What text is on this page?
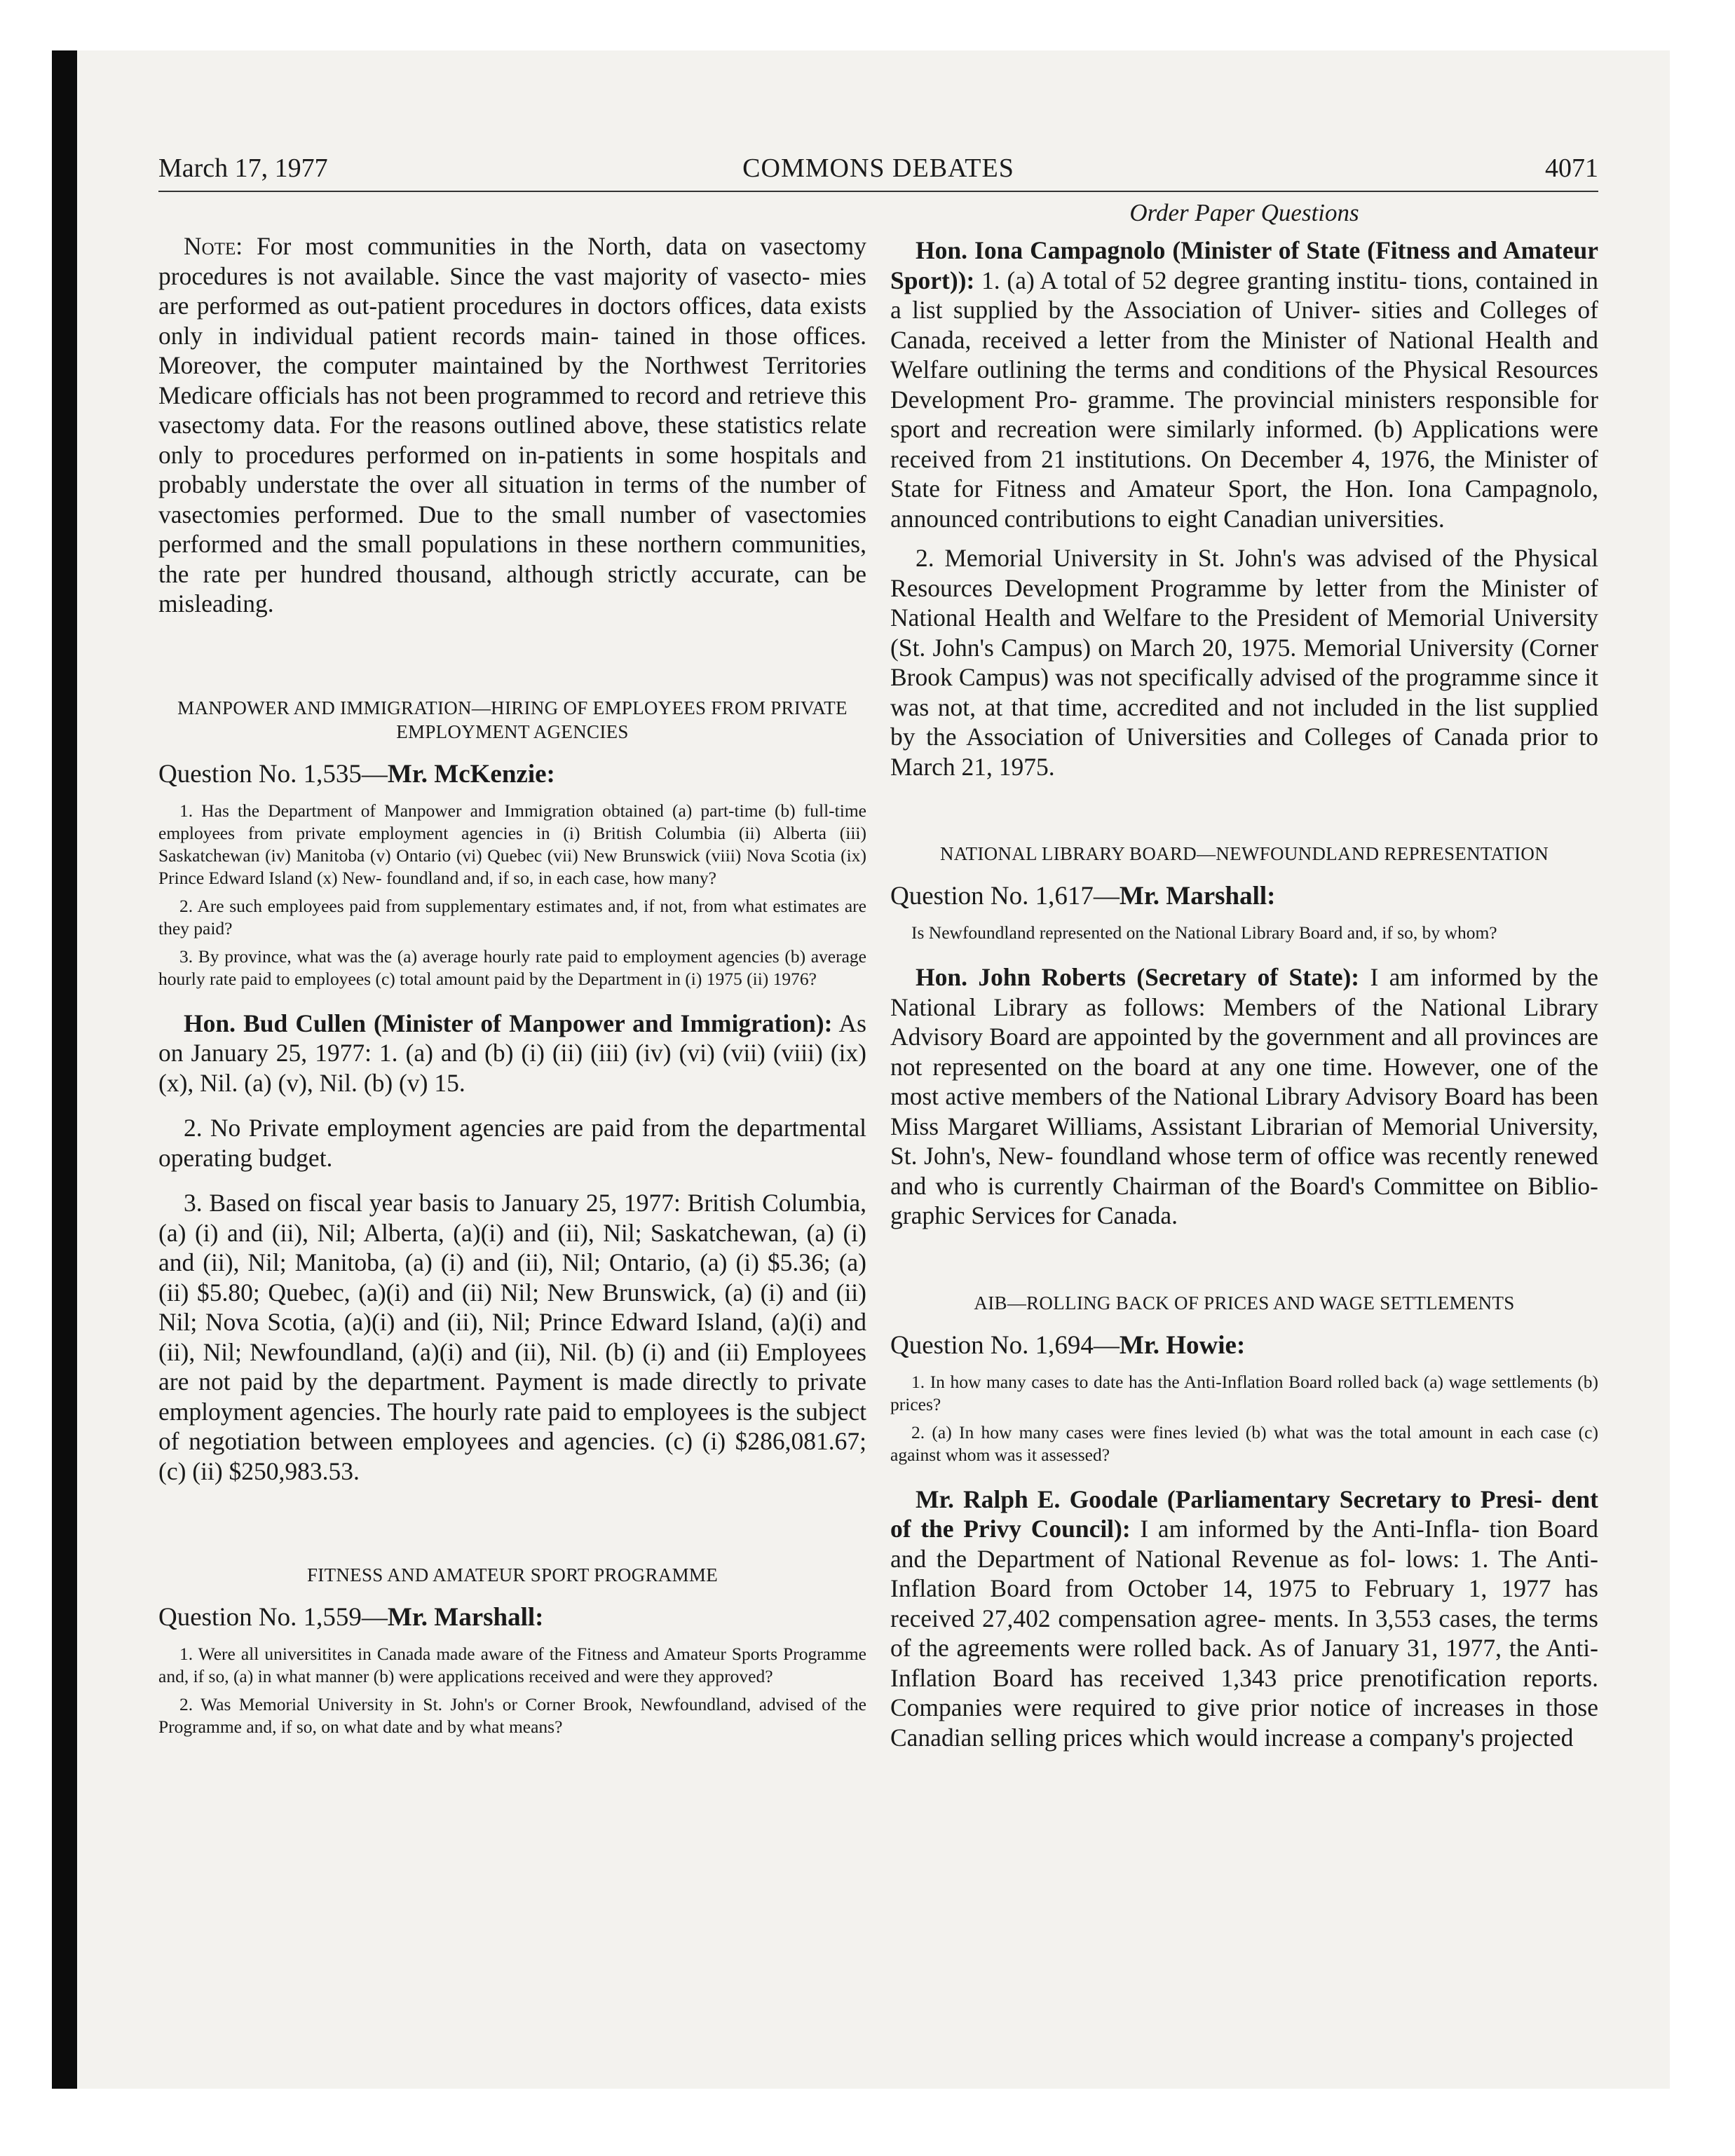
March 17, 1977	COMMONS DEBATES	4071

Note: For most communities in the North, data on vasectomy procedures is not available. Since the vast majority of vasecto- mies are performed as out-patient procedures in doctors offices, data exists only in individual patient records main- tained in those offices. Moreover, the computer maintained by the Northwest Territories Medicare officials has not been programmed to record and retrieve this vasectomy data. For the reasons outlined above, these statistics relate only to procedures performed on in-patients in some hospitals and probably understate the over all situation in terms of the number of vasectomies performed. Due to the small number of vasectomies performed and the small populations in these northern communities, the rate per hundred thousand, although strictly accurate, can be misleading.

MANPOWER AND IMMIGRATION—HIRING OF EMPLOYEES FROM PRIVATE EMPLOYMENT AGENCIES

Question No. 1,535—Mr. McKenzie:

1. Has the Department of Manpower and Immigration obtained (a) part-time (b) full-time employees from private employment agencies in (i) British Columbia (ii) Alberta (iii) Saskatchewan (iv) Manitoba (v) Ontario (vi) Quebec (vii) New Brunswick (viii) Nova Scotia (ix) Prince Edward Island (x) New- foundland and, if so, in each case, how many?

2. Are such employees paid from supplementary estimates and, if not, from what estimates are they paid?

3. By province, what was the (a) average hourly rate paid to employment agencies (b) average hourly rate paid to employees (c) total amount paid by the Department in (i) 1975 (ii) 1976?

Hon. Bud Cullen (Minister of Manpower and Immigration): As on January 25, 1977: 1. (a) and (b) (i) (ii) (iii) (iv) (vi) (vii) (viii) (ix) (x), Nil. (a) (v), Nil. (b) (v) 15.

2. No Private employment agencies are paid from the departmental operating budget.

3. Based on fiscal year basis to January 25, 1977: British Columbia, (a) (i) and (ii), Nil; Alberta, (a)(i) and (ii), Nil; Saskatchewan, (a) (i) and (ii), Nil; Manitoba, (a) (i) and (ii), Nil; Ontario, (a) (i) $5.36; (a) (ii) $5.80; Quebec, (a)(i) and (ii) Nil; New Brunswick, (a) (i) and (ii) Nil; Nova Scotia, (a)(i) and (ii), Nil; Prince Edward Island, (a)(i) and (ii), Nil; Newfoundland, (a)(i) and (ii), Nil. (b) (i) and (ii) Employees are not paid by the department. Payment is made directly to private employment agencies. The hourly rate paid to employees is the subject of negotiation between employees and agencies. (c) (i) $286,081.67; (c) (ii) $250,983.53.

FITNESS AND AMATEUR SPORT PROGRAMME

Question No. 1,559—Mr. Marshall:

1. Were all universitites in Canada made aware of the Fitness and Amateur Sports Programme and, if so, (a) in what manner (b) were applications received and were they approved?

2. Was Memorial University in St. John's or Corner Brook, Newfoundland, advised of the Programme and, if so, on what date and by what means?

Order Paper Questions

Hon. Iona Campagnolo (Minister of State (Fitness and Amateur Sport)): 1. (a) A total of 52 degree granting institu- tions, contained in a list supplied by the Association of Univer- sities and Colleges of Canada, received a letter from the Minister of National Health and Welfare outlining the terms and conditions of the Physical Resources Development Pro- gramme. The provincial ministers responsible for sport and recreation were similarly informed. (b) Applications were received from 21 institutions. On December 4, 1976, the Minister of State for Fitness and Amateur Sport, the Hon. Iona Campagnolo, announced contributions to eight Canadian universities.

2. Memorial University in St. John's was advised of the Physical Resources Development Programme by letter from the Minister of National Health and Welfare to the President of Memorial University (St. John's Campus) on March 20, 1975. Memorial University (Corner Brook Campus) was not specifically advised of the programme since it was not, at that time, accredited and not included in the list supplied by the Association of Universities and Colleges of Canada prior to March 21, 1975.

NATIONAL LIBRARY BOARD—NEWFOUNDLAND REPRESENTATION

Question No. 1,617—Mr. Marshall:

Is Newfoundland represented on the National Library Board and, if so, by whom?

Hon. John Roberts (Secretary of State): I am informed by the National Library as follows: Members of the National Library Advisory Board are appointed by the government and all provinces are not represented on the board at any one time. However, one of the most active members of the National Library Advisory Board has been Miss Margaret Williams, Assistant Librarian of Memorial University, St. John's, New- foundland whose term of office was recently renewed and who is currently Chairman of the Board's Committee on Biblio- graphic Services for Canada.

AIB—ROLLING BACK OF PRICES AND WAGE SETTLEMENTS

Question No. 1,694—Mr. Howie:

1. In how many cases to date has the Anti-Inflation Board rolled back (a) wage settlements (b) prices?

2. (a) In how many cases were fines levied (b) what was the total amount in each case (c) against whom was it assessed?

Mr. Ralph E. Goodale (Parliamentary Secretary to Presi- dent of the Privy Council): I am informed by the Anti-Infla- tion Board and the Department of National Revenue as fol- lows: 1. The Anti-Inflation Board from October 14, 1975 to February 1, 1977 has received 27,402 compensation agree- ments. In 3,553 cases, the terms of the agreements were rolled back. As of January 31, 1977, the Anti-Inflation Board has received 1,343 price prenotification reports. Companies were required to give prior notice of increases in those Canadian selling prices which would increase a company's projected
